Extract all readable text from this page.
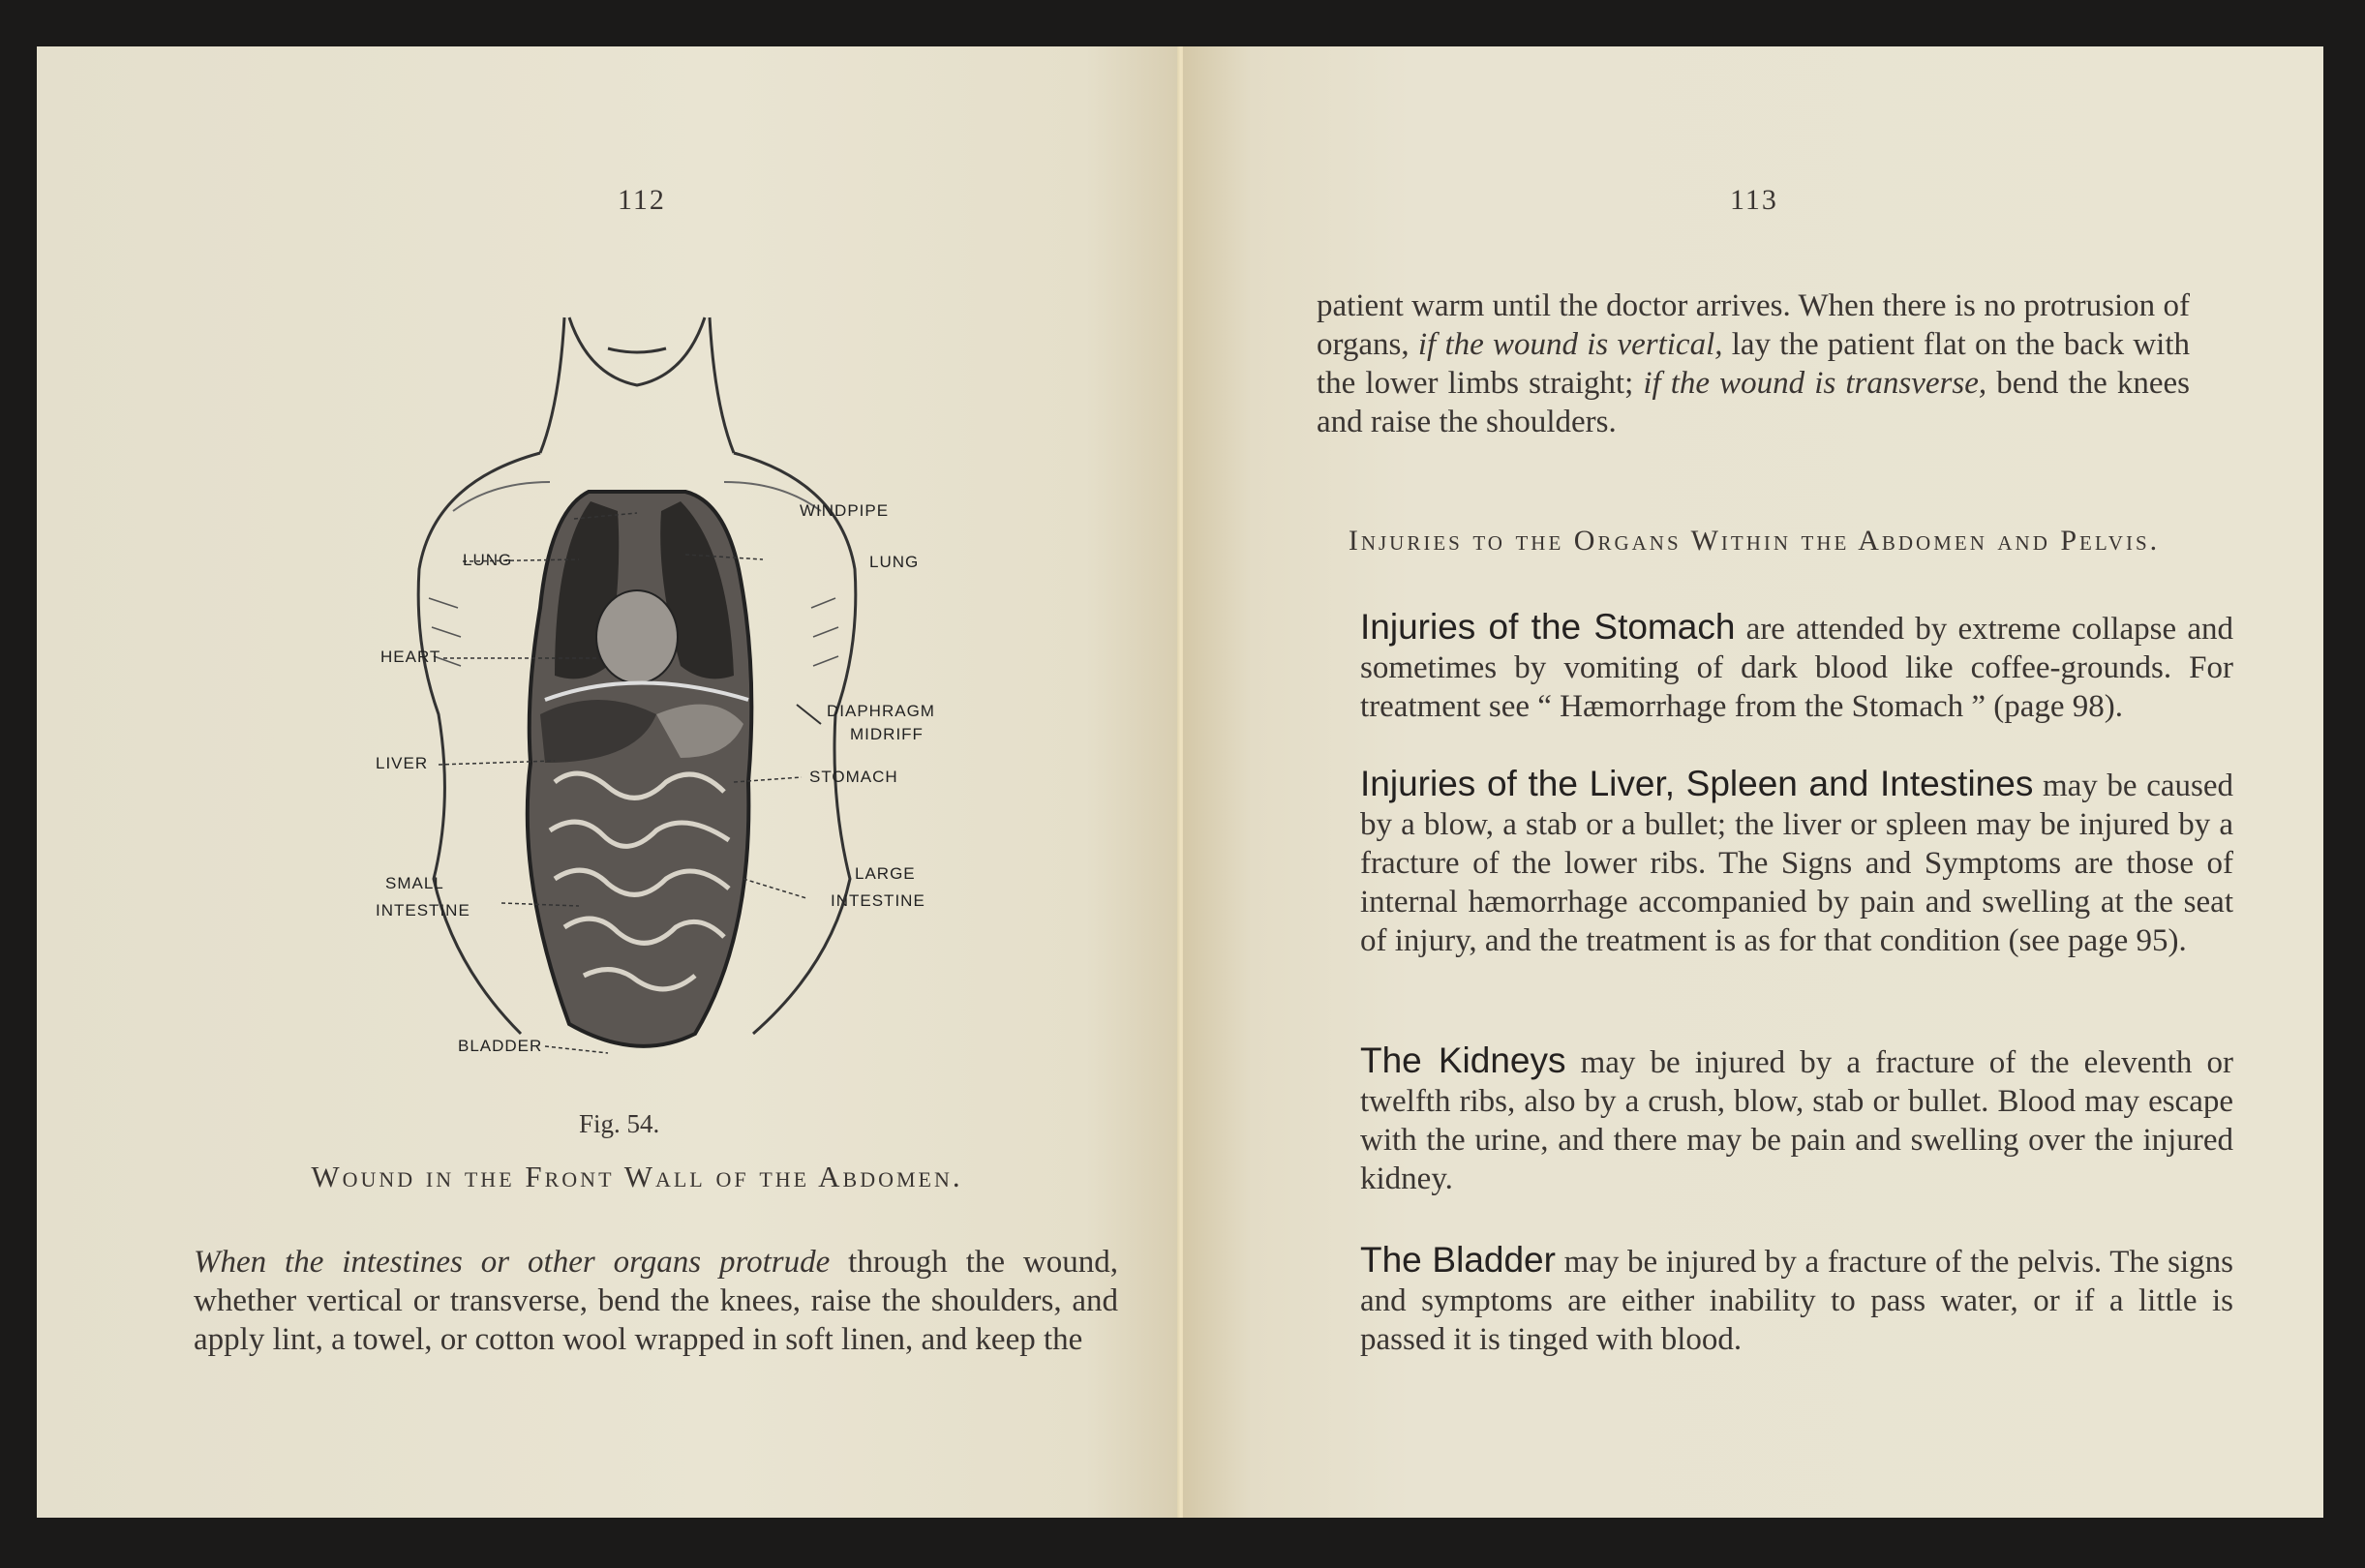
112
WINDPIPE
LUNG	LUNG
HEART
DIAPHRAGM
MIDRIFF
LIVER
STOMACH
SMALL
INTESTINE
LARGE
INTESTINE
BLADDER
Fig. 54.
Wound in the Front Wall of the Abdomen.

When the intestines or other organs protrude through the wound, whether vertical or transverse, bend the knees, raise the shoulders, and apply lint, a towel, or cotton wool wrapped in soft linen, and keep the

113
patient warm until the doctor arrives. When there is no protrusion of organs, if the wound is vertical, lay the patient flat on the back with the lower limbs straight; if the wound is transverse, bend the knees and raise the shoulders.
Injuries to the Organs Within the Abdomen and Pelvis.
Injuries of the Stomach are attended by extreme collapse and sometimes by vomiting of dark blood like coffee-grounds. For treatment see “ Hæmorrhage from the Stomach ” (page 98).
Injuries of the Liver, Spleen and Intestines may be caused by a blow, a stab or a bullet; the liver or spleen may be injured by a fracture of the lower ribs. The Signs and Symptoms are those of internal hæmorrhage accompanied by pain and swelling at the seat of injury, and the treatment is as for that condition (see page 95).
The Kidneys may be injured by a fracture of the eleventh or twelfth ribs, also by a crush, blow, stab or bullet. Blood may escape with the urine, and there may be pain and swelling over the injured kidney.
The Bladder may be injured by a fracture of the pelvis. The signs and symptoms are either inability to pass water, or if a little is passed it is tinged with blood.
